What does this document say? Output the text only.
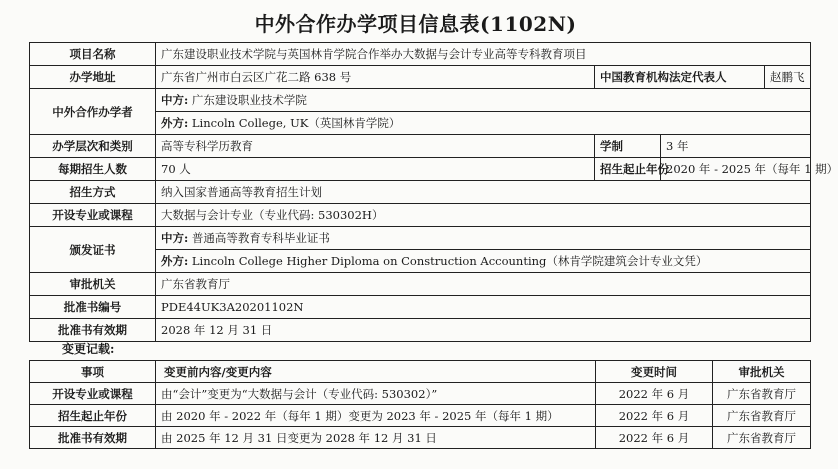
中外合作办学项目信息表(1102N)
项目名称	广东建设职业技术学院与英国林肯学院合作举办大数据与会计专业高等专科教育项目		
办学地址	广东省广州市白云区广花二路 638 号	中国教育机构法定代表人 赵鹏飞	

中外合作办学者	中方: 广东建设职业技术学院		
	外方: Lincoln College, UK（英国林肯学院）		
办学层次和类别	高等专科学历教育	学制	3 年
每期招生人数	70 人	招生起止年份	2020 年 - 2025 年（每年 1 期）
招生方式	纳入国家普通高等教育招生计划		
开设专业或课程	大数据与会计专业（专业代码: 530302H）		
颁发证书	中方: 普通高等教育专科毕业证书		
	外方: Lincoln College Higher Diploma on Construction Accounting（林肯学院建筑会计专业文凭）		
审批机关	广东省教育厅		
批准书编号	PDE44UK3A20201102N		
批准书有效期	2028 年 12 月 31 日		
变更记载:
事项	变更前内容/变更内容	变更时间	审批机关
开设专业或课程	由“会计”变更为“大数据与会计（专业代码: 530302）”	2022 年 6 月	广东省教育厅
招生起止年份	由 2020 年 - 2022 年（每年 1 期）变更为 2023 年 - 2025 年（每年 1 期）	2022 年 6 月	广东省教育厅
批准书有效期	由 2025 年 12 月 31 日变更为 2028 年 12 月 31 日	2022 年 6 月	广东省教育厅
